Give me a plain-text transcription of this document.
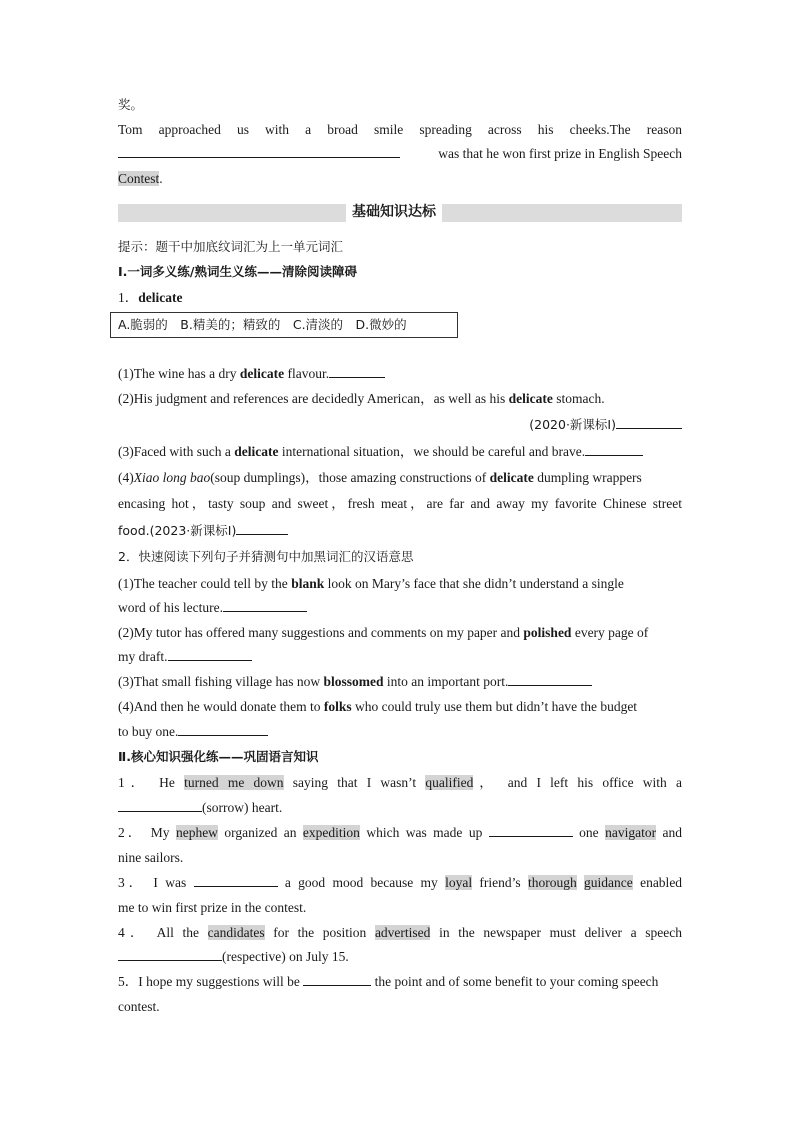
奖。
Tom approached us with a broad smile spreading across his cheeks.The reason
was that he won first prize in English Speech
Contest.
基础知识达标
提示：题干中加底纹词汇为上一单元词汇
Ⅰ.一词多义练/熟词生义练——清除阅读障碍
1．delicate
A.脆弱的　B.精美的；精致的　C.清淡的　D.微妙的
(1)The wine has a dry delicate flavour.
(2)His judgment and references are decidedly American，as well as his delicate stomach.
(2020·新课标Ⅰ)
(3)Faced with such a delicate international situation，we should be careful and brave.
(4)Xiao long bao(soup dumplings)，those amazing constructions of delicate dumpling wrappers
encasing hot，tasty soup and sweet，fresh meat，are far and away my favorite Chinese street
food.(2023·新课标Ⅰ)
2．快速阅读下列句子并猜测句中加黑词汇的汉语意思
(1)The teacher could tell by the blank look on Mary’s face that she didn’t understand a single
word of his lecture.
(2)My tutor has offered many suggestions and comments on my paper and polished every page of
my draft.
(3)That small fishing village has now blossomed into an important port.
(4)And then he would donate them to folks who could truly use them but didn’t have the budget
to buy one.
Ⅱ.核心知识强化练——巩固语言知识
1． He turned me down saying that I wasn’t qualified， and I left his office with a
(sorrow) heart.
2． My nephew organized an expedition which was made up	one navigator and
nine sailors.
3． I was	a good mood because my loyal friend’s thorough guidance enabled
me to win first prize in the contest.
4． All the candidates for the position advertised in the newspaper must deliver a speech
(respective) on July 15.
5．I hope my suggestions will be	the point and of some benefit to your coming speech
contest.
